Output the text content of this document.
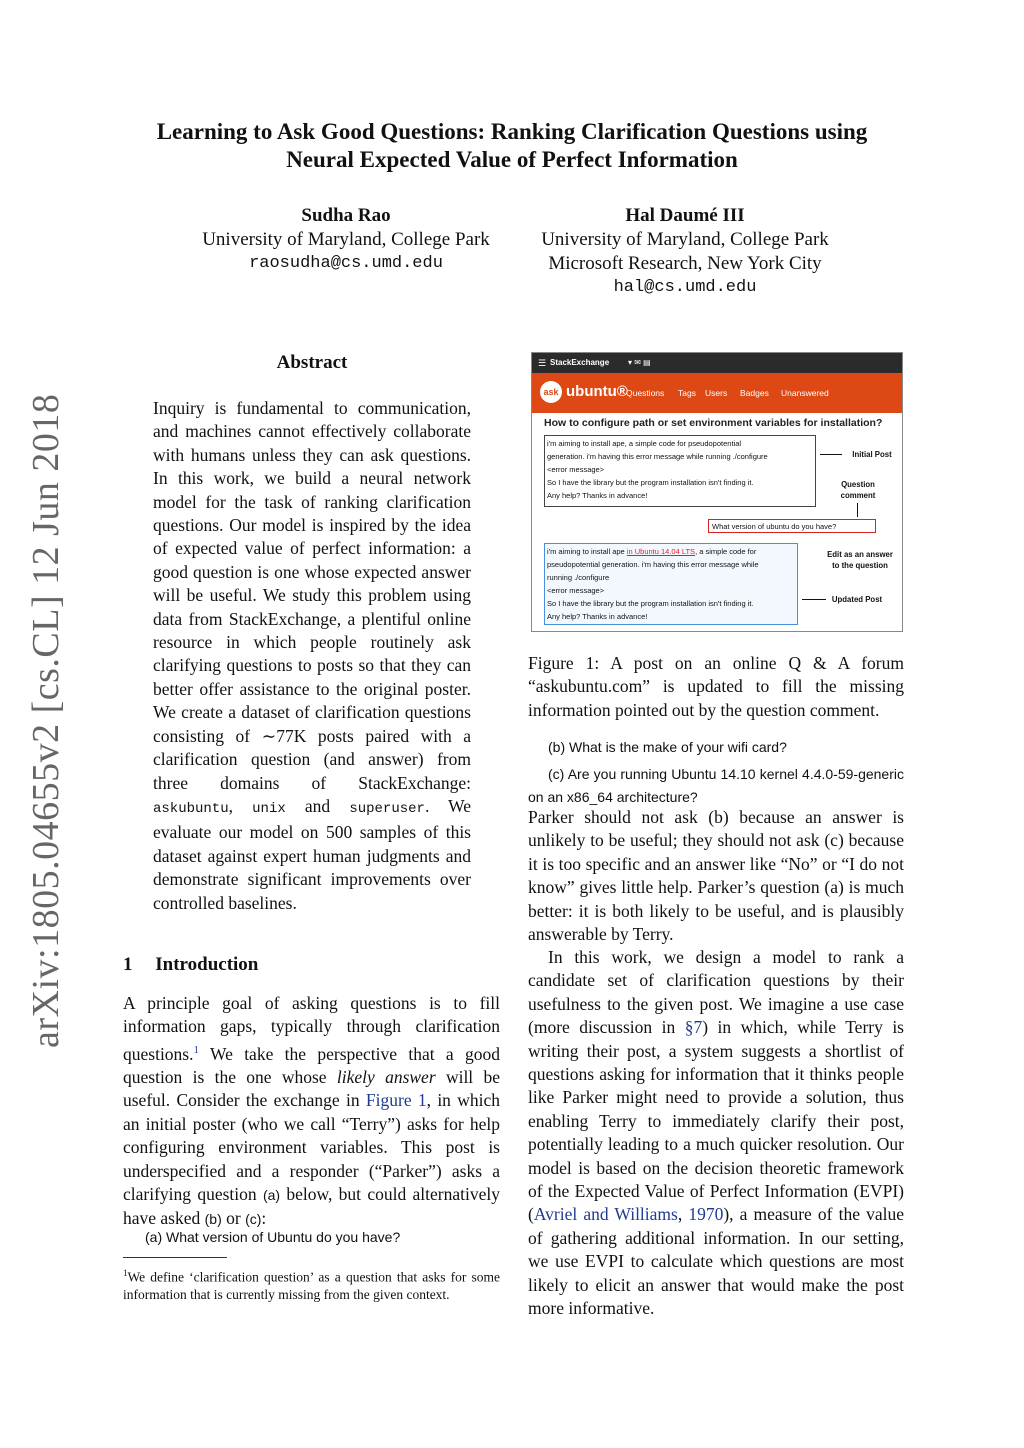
Learning to Ask Good Questions: Ranking Clarification Questions using
Neural Expected Value of Perfect Information
Sudha Rao
University of Maryland, College Park
raosudha@cs.umd.edu
Hal Daumé III
University of Maryland, College Park
Microsoft Research, New York City
hal@cs.umd.edu
arXiv:1805.04655v2 [cs.CL] 12 Jun 2018
Abstract
Inquiry is fundamental to communication, and machines cannot effectively collaborate with humans unless they can ask questions. In this work, we build a neural network model for the task of ranking clarification questions. Our model is inspired by the idea of expected value of perfect information: a good question is one whose expected answer will be useful. We study this problem using data from StackExchange, a plentiful online resource in which people routinely ask clarifying questions to posts so that they can better offer assistance to the original poster. We create a dataset of clarification questions consisting of ∼77K posts paired with a clarification question (and answer) from three domains of StackExchange: askubuntu, unix and superuser. We evaluate our model on 500 samples of this dataset against expert human judgments and demonstrate significant improvements over controlled baselines.
1 Introduction
A principle goal of asking questions is to fill information gaps, typically through clarification questions.$^1$ We take the perspective that a good question is the one whose likely answer will be useful. Consider the exchange in Figure 1, in which an initial poster (who we call “Terry”) asks for help configuring environment variables. This post is underspecified and a responder (“Parker”) asks a clarifying question (a) below, but could alternatively have asked (b) or (c):
(a) What version of Ubuntu do you have?
$^1$We define ‘clarification question’ as a question that asks for some information that is currently missing from the given context.
☰ StackExchange ▾ ✉ ▤
ask ubuntu®
Questions Tags Users Badges Unanswered
How to configure path or set environment variables for installation?
i'm aiming to install ape, a simple code for pseudopotential
generation. i'm having this error message while running ./configure
<error message>
So I have the library but the program installation isn't finding it.
Any help? Thanks in advance!
Initial Post
Question
comment
What version of ubuntu do you have?
i'm aiming to install ape in Ubuntu 14.04 LTS, a simple code for
pseudopotential generation. i'm having this error message while
running ./configure
<error message>
So I have the library but the program installation isn't finding it.
Any help? Thanks in advance!
Edit as an answer
to the question
Updated Post
Figure 1: A post on an online Q & A forum “askubuntu.com” is updated to fill the missing information pointed out by the question comment.
(b) What is the make of your wifi card?
(c) Are you running Ubuntu 14.10 kernel 4.4.0-59-generic on an x86_64 architecture?
Parker should not ask (b) because an answer is unlikely to be useful; they should not ask (c) because it is too specific and an answer like “No” or “I do not know” gives little help. Parker’s question (a) is much better: it is both likely to be useful, and is plausibly answerable by Terry.
In this work, we design a model to rank a candidate set of clarification questions by their usefulness to the given post. We imagine a use case (more discussion in §7) in which, while Terry is writing their post, a system suggests a shortlist of questions asking for information that it thinks people like Parker might need to provide a solution, thus enabling Terry to immediately clarify their post, potentially leading to a much quicker resolution. Our model is based on the decision theoretic framework of the Expected Value of Perfect Information (EVPI) (Avriel and Williams, 1970), a measure of the value of gathering additional information. In our setting, we use EVPI to calculate which questions are most likely to elicit an answer that would make the post more informative.
